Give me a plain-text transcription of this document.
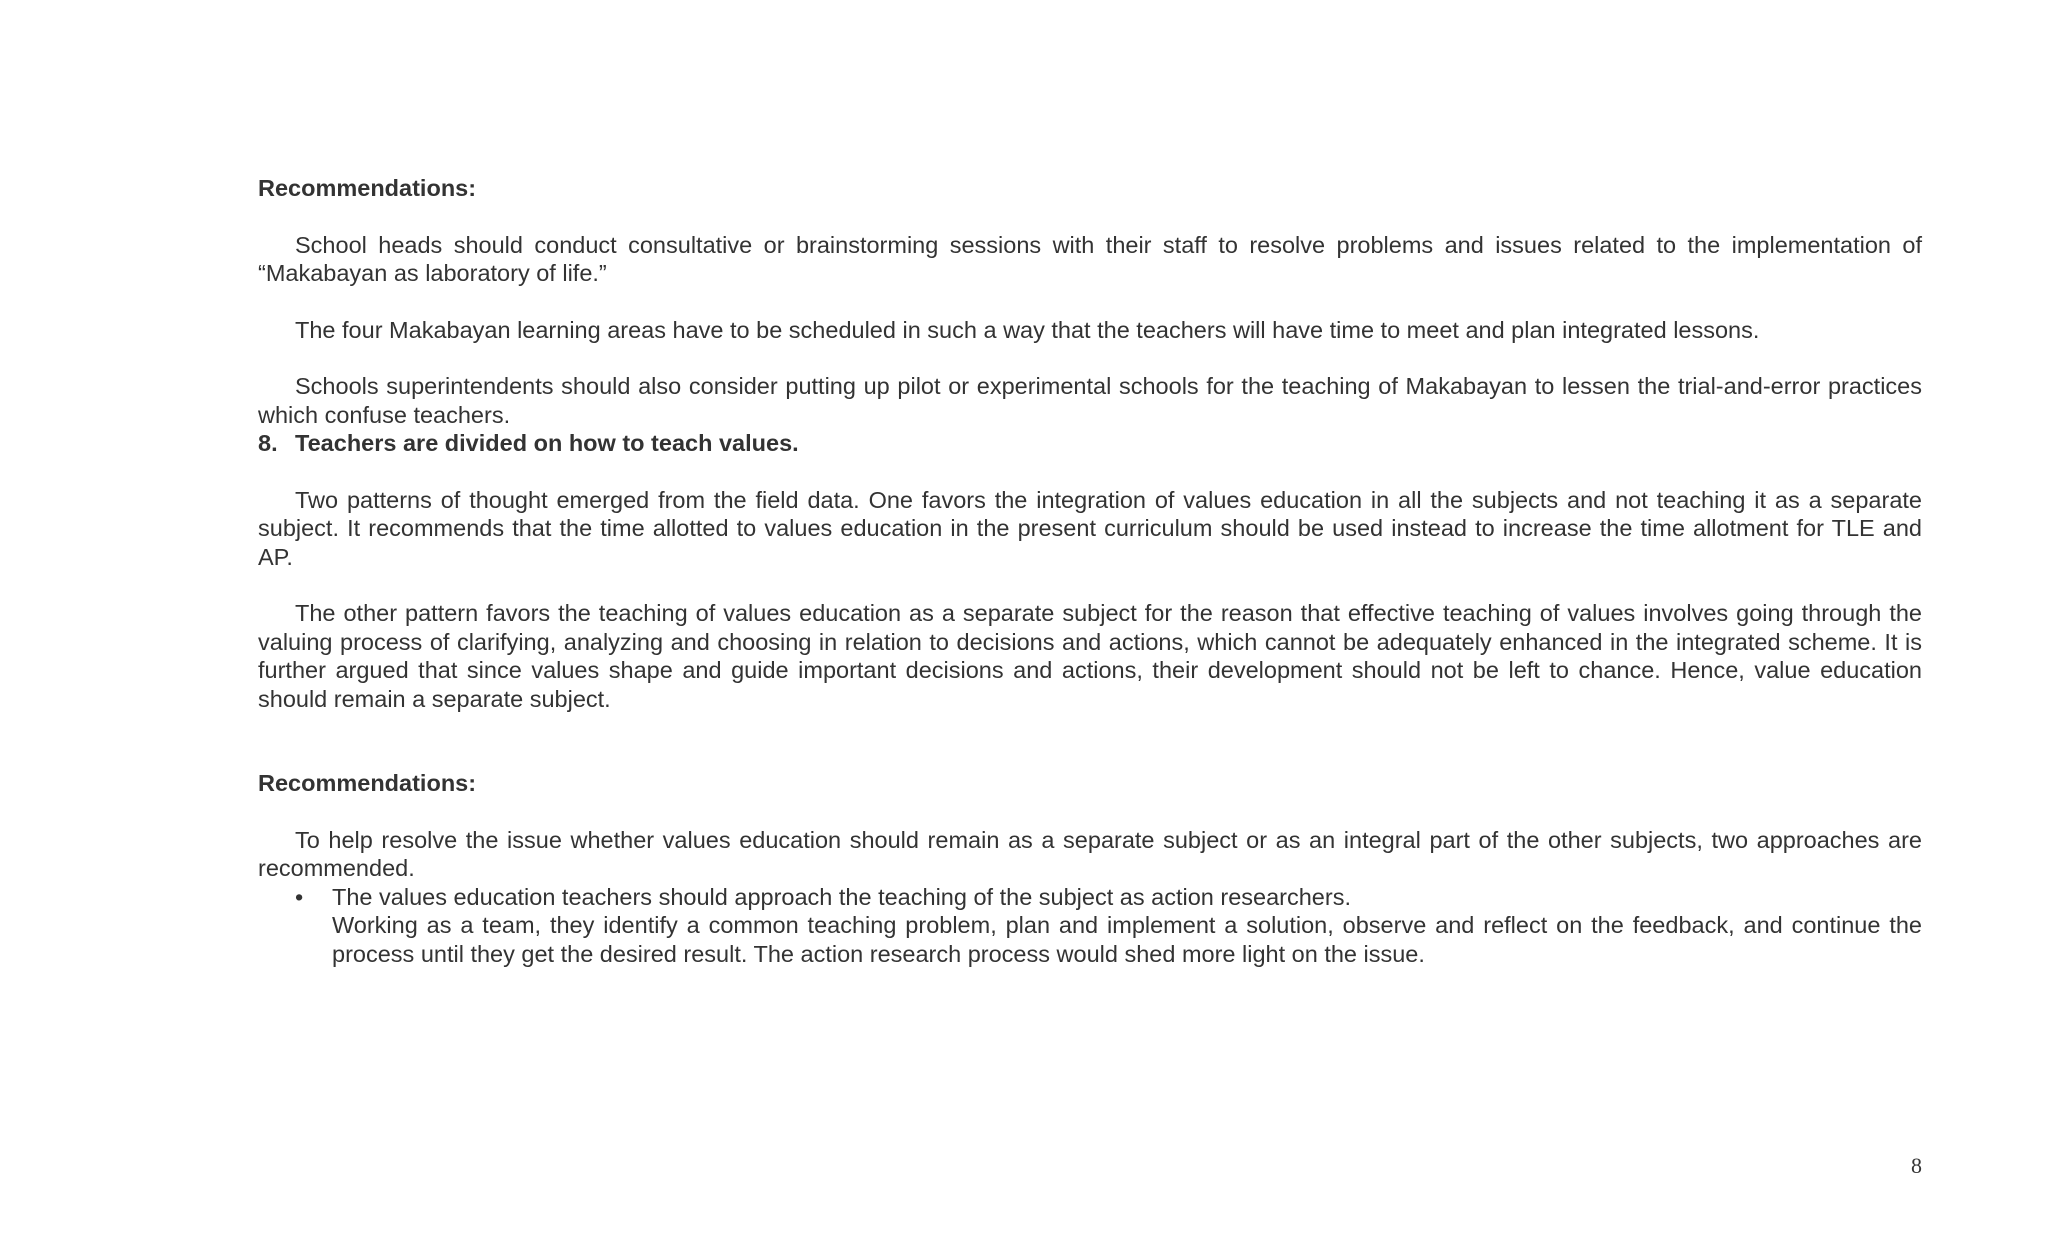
Recommendations:

School heads should conduct consultative or brainstorming sessions with their staff to resolve problems and issues related to the implementation of “Makabayan as laboratory of life.”

The four Makabayan learning areas have to be scheduled in such a way that the teachers will have time to meet and plan integrated lessons.

Schools superintendents should also consider putting up pilot or experimental schools for the teaching of Makabayan to lessen the trial-and-error practices which confuse teachers.

8. Teachers are divided on how to teach values.

Two patterns of thought emerged from the field data. One favors the integration of values education in all the subjects and not teaching it as a separate subject. It recommends that the time allotted to values education in the present curriculum should be used instead to increase the time allotment for TLE and AP.

The other pattern favors the teaching of values education as a separate subject for the reason that effective teaching of values involves going through the valuing process of clarifying, analyzing and choosing in relation to decisions and actions, which cannot be adequately enhanced in the integrated scheme. It is further argued that since values shape and guide important decisions and actions, their development should not be left to chance. Hence, value education should remain a separate subject.

Recommendations:

To help resolve the issue whether values education should remain as a separate subject or as an integral part of the other subjects, two approaches are recommended.

•	The values education teachers should approach the teaching of the subject as action researchers.

Working as a team, they identify a common teaching problem, plan and implement a solution, observe and reflect on the feedback, and continue the process until they get the desired result. The action research process would shed more light on the issue.

8
